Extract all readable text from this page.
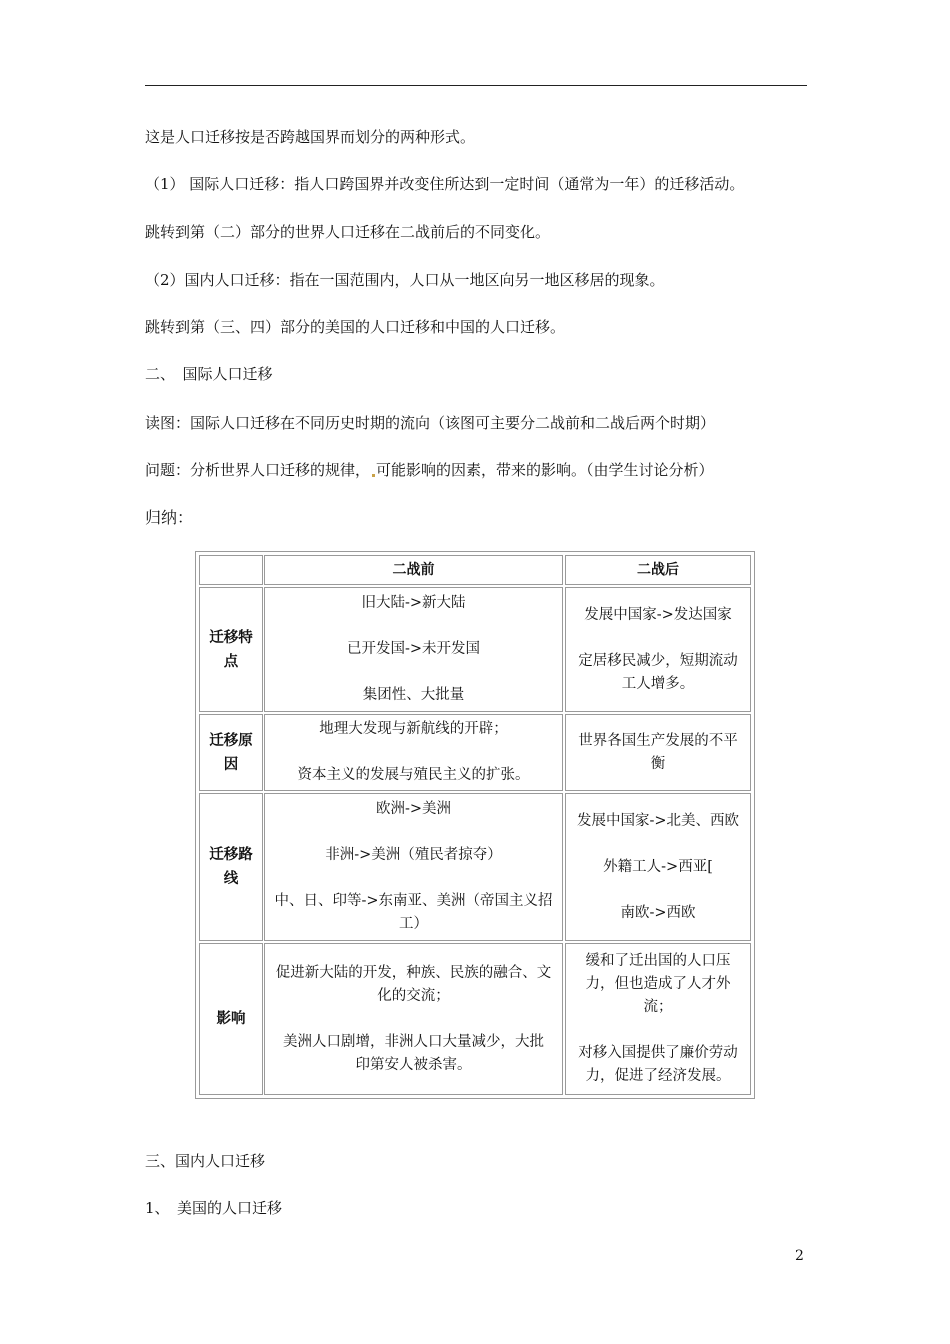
这是人口迁移按是否跨越国界而划分的两种形式。
（1） 国际人口迁移：指人口跨国界并改变住所达到一定时间（通常为一年）的迁移活动。
跳转到第（二）部分的世界人口迁移在二战前后的不同变化。
（2）国内人口迁移：指在一国范围内，人口从一地区向另一地区移居的现象。
跳转到第（三、四）部分的美国的人口迁移和中国的人口迁移。
二、　国际人口迁移
读图：国际人口迁移在不同历史时期的流向（该图可主要分二战前和二战后两个时期）
问题：分析世界人口迁移的规律， 可能影响的因素，带来的影响。（由学生讨论分析）
归纳：
二战前	二战后

迁移特

点

旧大陆->新大陆

已开发国->未开发国

集团性、大批量

发展中国家->发达国家

定居移民减少，短期流动

工人增多。

迁移原

因

地理大发现与新航线的开辟；

资本主义的发展与殖民主义的扩张。

世界各国生产发展的不平

衡

迁移路

线

欧洲->美洲

非洲->美洲（殖民者掠夺）

中、日、印等->东南亚、美洲（帝国主义招

工）

发展中国家->北美、西欧

外籍工人->西亚[

南欧->西欧

影响

促进新大陆的开发，种族、民族的融合、文

化的交流；

美洲人口剧增，非洲人口大量减少，大批

印第安人被杀害。

缓和了迁出国的人口压

力，但也造成了人才外

流；

对移入国提供了廉价劳动

力，促进了经济发展。

三、国内人口迁移
1、　美国的人口迁移
2
